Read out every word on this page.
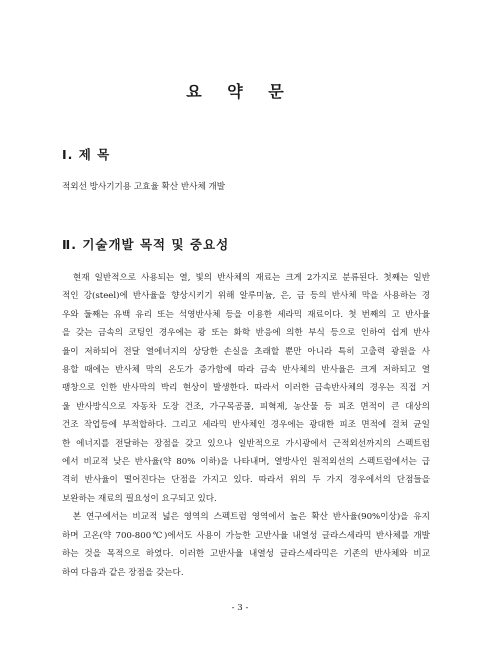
요 약 문
Ⅰ. 제 목
적외선 방사기기용 고효율 확산 반사체 개발
Ⅱ. 기술개발 목적 및 중요성

　현재 일반적으로 사용되는 열, 빛의 반사체의 재료는 크게 2가지로 분류된다. 첫째는 일반

적인 강(steel)에 반사율을 향상시키기 위해 알루미늄, 은, 금 등의 반사체 막을 사용하는 경

우와 둘째는 유백 유리 또는 석영반사체 등을 이용한 세라믹 재료이다. 첫 번째의 고 반사율

을 갖는 금속의 코팅인 경우에는 광 또는 화학 반응에 의한 부식 등으로 인하여 쉽게 반사

율이 저하되어 전달 열에너지의 상당한 손실을 초래할 뿐만 아니라 특히 고출력 광원을 사

용할 때에는 반사체 막의 온도가 증가함에 따라 금속 반사체의 반사율은 크게 저하되고 열

팽창으로 인한 반사막의 박리 현상이 발생한다. 따라서 이러한 금속반사체의 경우는 직접 거

울 반사방식으로 자동차 도장 건조, 가구목공품, 피혁제, 농산물 등 피조 면적이 큰 대상의

건조 작업등에 부적합하다. 그리고 세라믹 반사체인 경우에는 광대한 피조 면적에 걸쳐 균일

한 에너지를 전달하는 장점을 갖고 있으나 일반적으로 가시광에서 근적외선까지의 스펙트럼

에서 비교적 낮은 반사율(약 80% 이하)을 나타내며, 열방사인 원적외선의 스펙트럼에서는 급

격히 반사율이 떨어진다는 단점을 가지고 있다. 따라서 위의 두 가지 경우에서의 단점들을

보완하는 재료의 필요성이 요구되고 있다.

　본 연구에서는 비교적 넓은 영역의 스펙트럼 영역에서 높은 확산 반사율(90%이상)을 유지

하며 고온(약 700-800℃)에서도 사용이 가능한 고반사율 내열성 글라스세라믹 반사체를 개발

하는 것을 목적으로 하였다. 이러한 고반사율 내열성 글라스세라믹은 기존의 반사체와 비교

하여 다음과 같은 장점을 갖는다.

- 3 -
